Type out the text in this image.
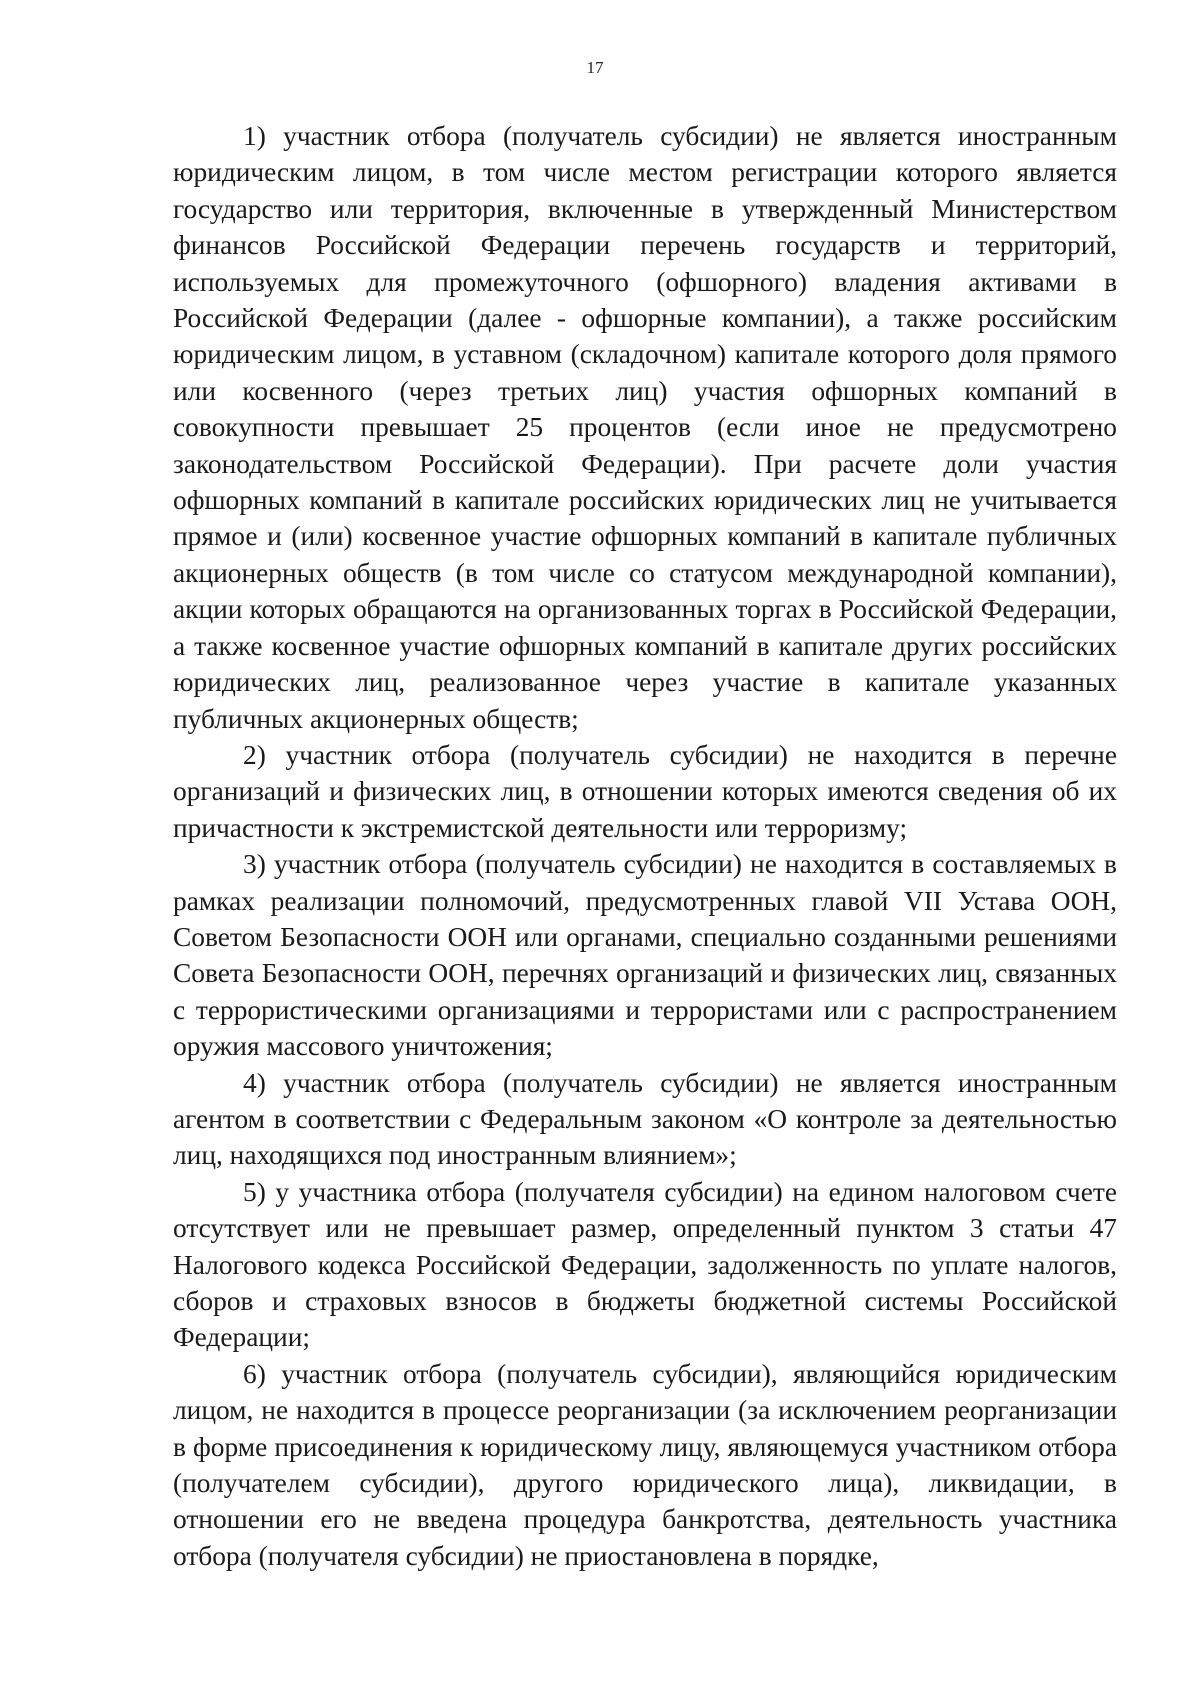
17

1) участник отбора (получатель субсидии) не является иностранным юридическим лицом, в том числе местом регистрации которого является государство или территория, включенные в утвержденный Министерством финансов Российской Федерации перечень государств и территорий, используемых для промежуточного (офшорного) владения активами в Российской Федерации (далее - офшорные компании), а также российским юридическим лицом, в уставном (складочном) капитале которого доля прямого или косвенного (через третьих лиц) участия офшорных компаний в совокупности превышает 25 процентов (если иное не предусмотрено законодательством Российской Федерации). При расчете доли участия офшорных компаний в капитале российских юридических лиц не учитывается прямое и (или) косвенное участие офшорных компаний в капитале публичных акционерных обществ (в том числе со статусом международной компании), акции которых обращаются на организованных торгах в Российской Федерации, а также косвенное участие офшорных компаний в капитале других российских юридических лиц, реализованное через участие в капитале указанных публичных акционерных обществ;

2) участник отбора (получатель субсидии) не находится в перечне организаций и физических лиц, в отношении которых имеются сведения об их причастности к экстремистской деятельности или терроризму;

3) участник отбора (получатель субсидии) не находится в составляемых в рамках реализации полномочий, предусмотренных главой VII Устава ООН, Советом Безопасности ООН или органами, специально созданными решениями Совета Безопасности ООН, перечнях организаций и физических лиц, связанных с террористическими организациями и террористами или с распространением оружия массового уничтожения;

4) участник отбора (получатель субсидии) не является иностранным агентом в соответствии с Федеральным законом «О контроле за деятельностью лиц, находящихся под иностранным влиянием»;

5) у участника отбора (получателя субсидии) на едином налоговом счете отсутствует или не превышает размер, определенный пунктом 3 статьи 47 Налогового кодекса Российской Федерации, задолженность по уплате налогов, сборов и страховых взносов в бюджеты бюджетной системы Российской Федерации;

6) участник отбора (получатель субсидии), являющийся юридическим лицом, не находится в процессе реорганизации (за исключением реорганизации в форме присоединения к юридическому лицу, являющемуся участником отбора (получателем субсидии), другого юридического лица), ликвидации, в отношении его не введена процедура банкротства, деятельность участника отбора (получателя субсидии) не приостановлена в порядке,
